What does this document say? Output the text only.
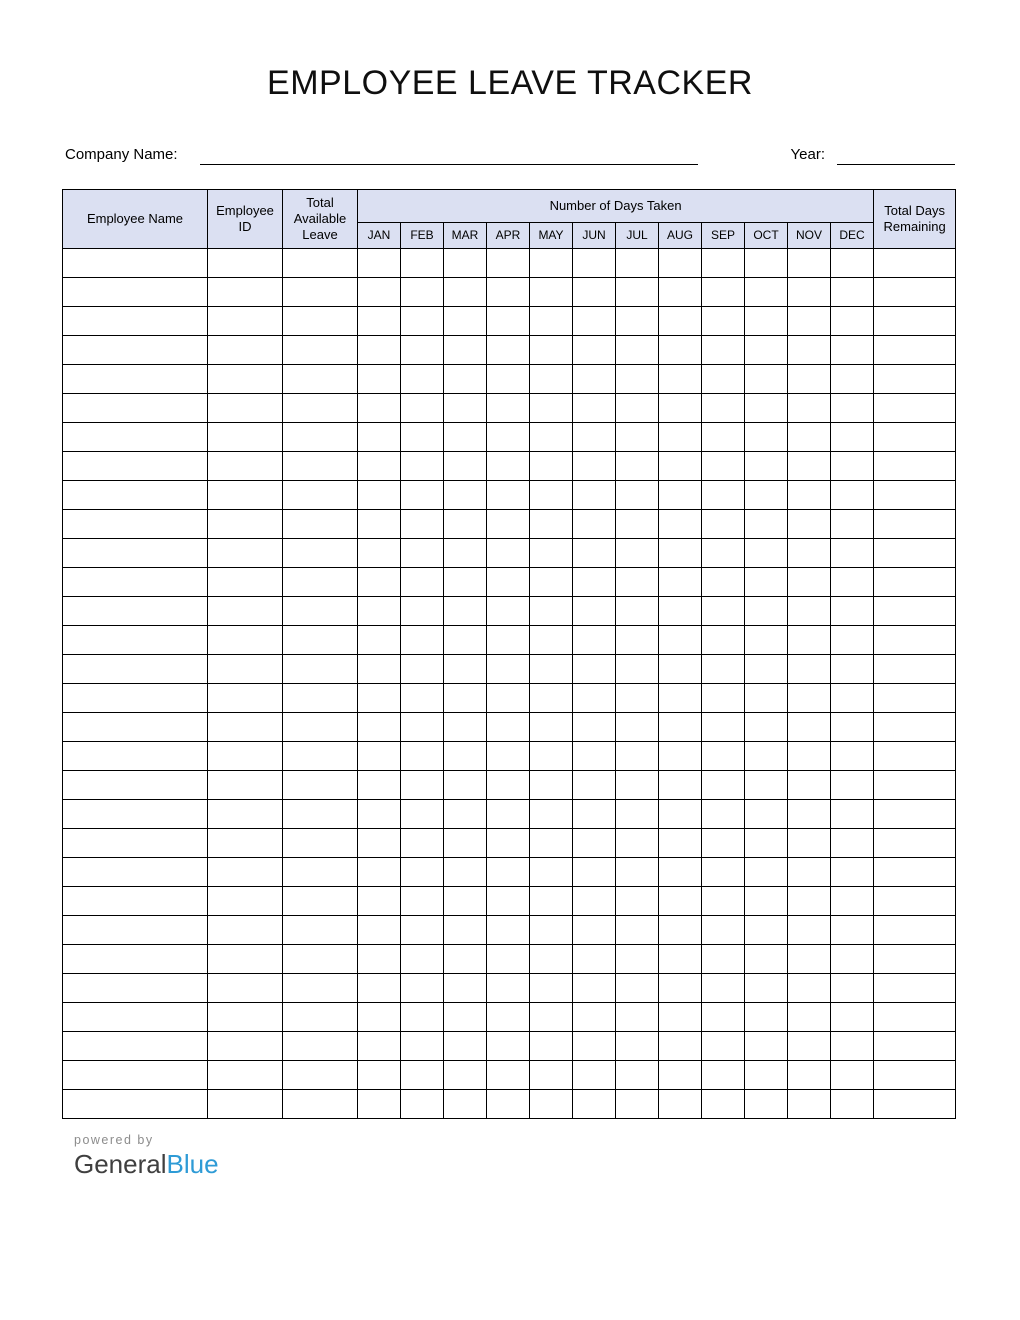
EMPLOYEE LEAVE TRACKER
Company Name:	Year:
Employee Name	Employee ID	Total Available Leave	Number of Days Taken												Total Days Remaining
			JAN	FEB	MAR	APR	MAY	JUN	JUL	AUG	SEP	OCT	NOV	DEC	

powered by
GeneralBlue
